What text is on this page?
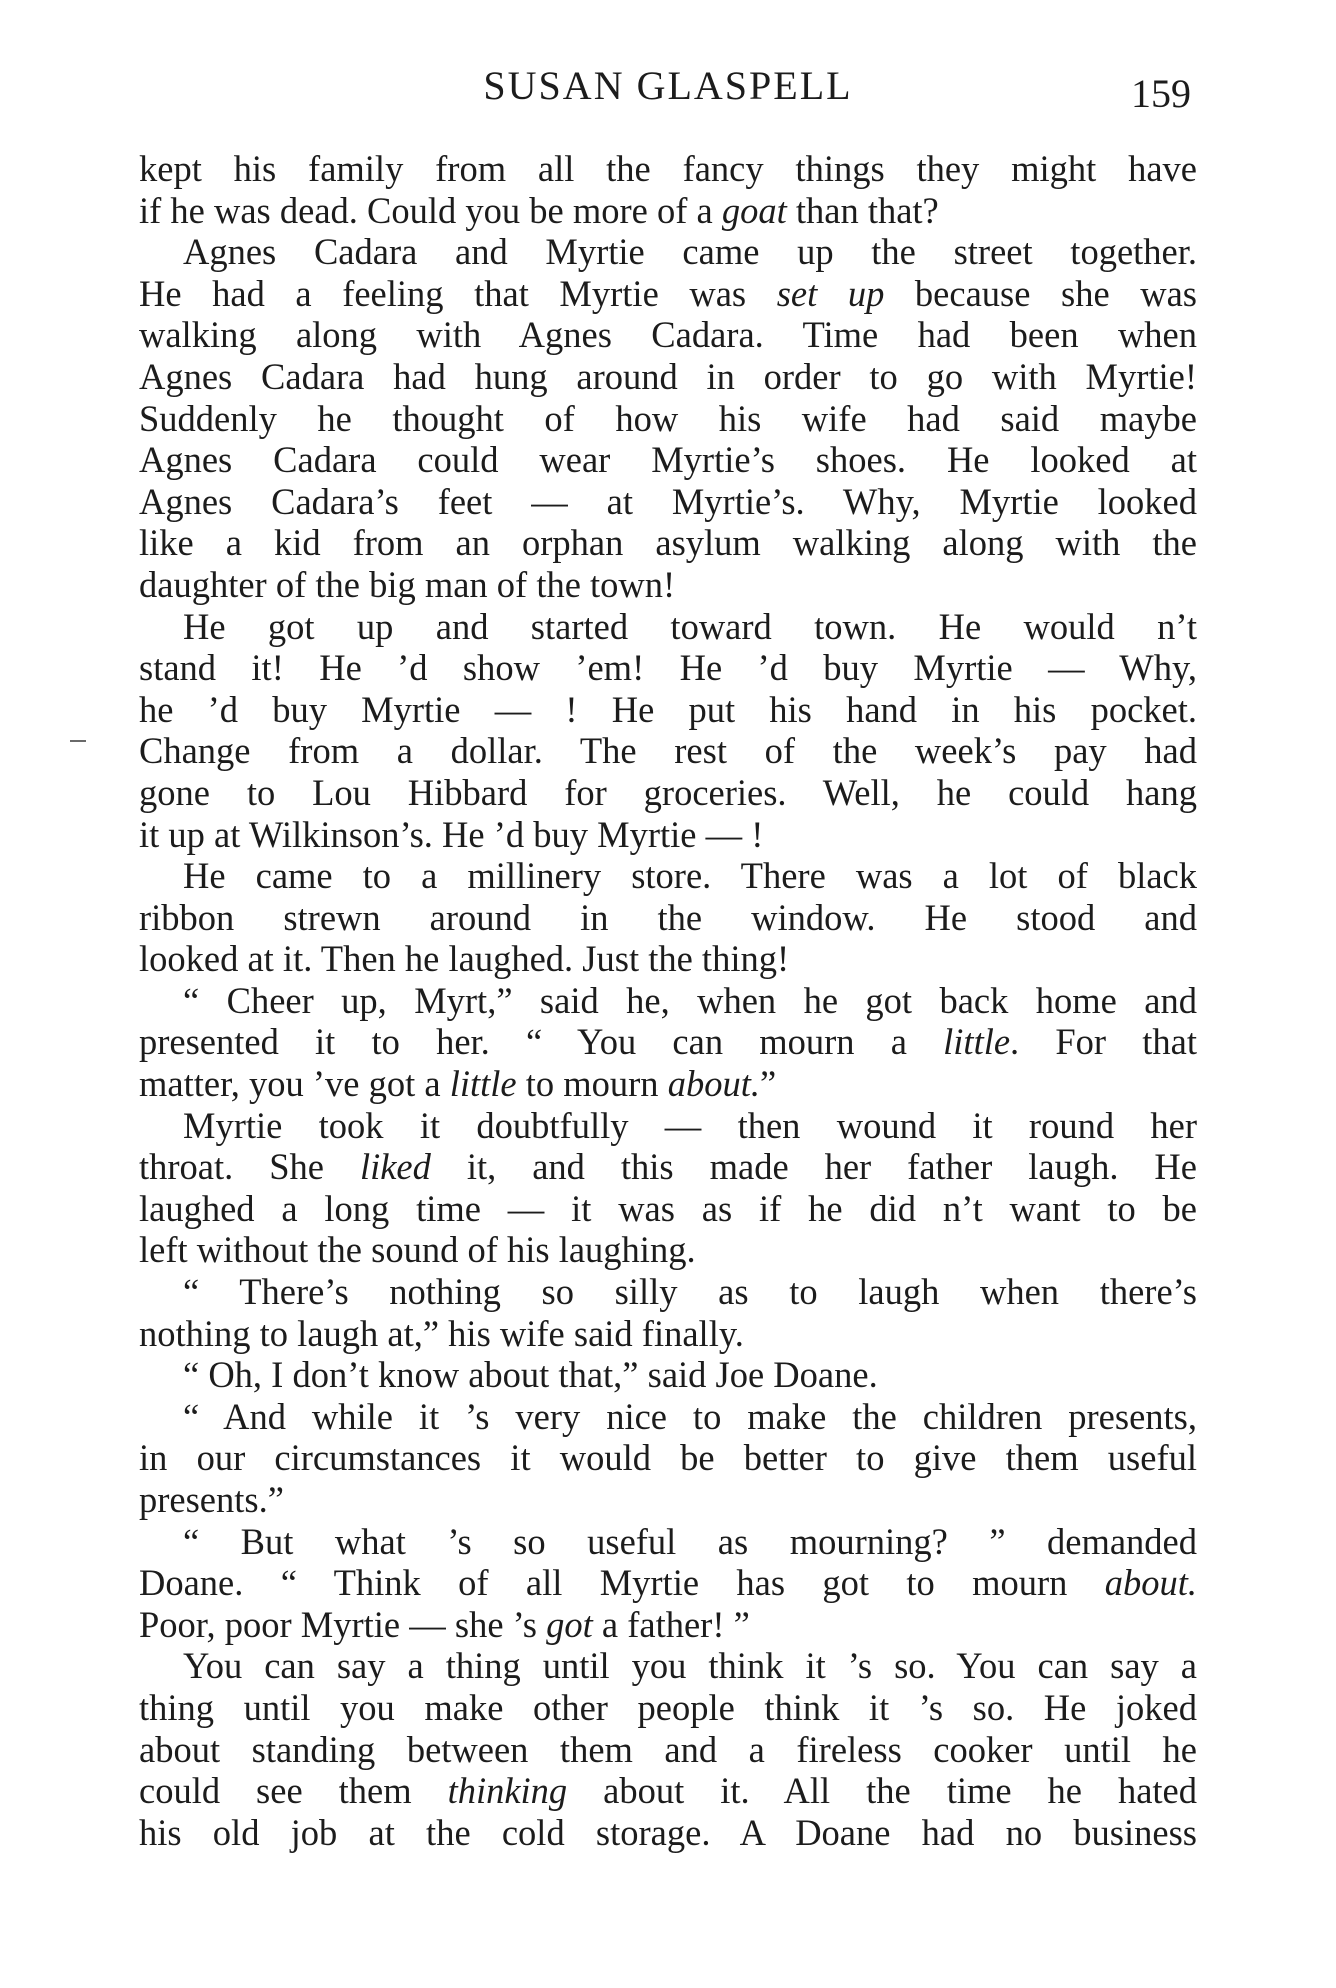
SUSAN GLASPELL	159
kept his family from all the fancy things they might have
if he was dead. Could you be more of a goat than that?
Agnes Cadara and Myrtie came up the street together.
He had a feeling that Myrtie was set up because she was
walking along with Agnes Cadara. Time had been when
Agnes Cadara had hung around in order to go with Myrtie!
Suddenly he thought of how his wife had said maybe
Agnes Cadara could wear Myrtie’s shoes. He looked at
Agnes Cadara’s feet — at Myrtie’s. Why, Myrtie looked
like a kid from an orphan asylum walking along with the
daughter of the big man of the town!
He got up and started toward town. He would n’t
stand it! He ’d show ’em! He ’d buy Myrtie — Why,
he ’d buy Myrtie — ! He put his hand in his pocket.
Change from a dollar. The rest of the week’s pay had
gone to Lou Hibbard for groceries. Well, he could hang
it up at Wilkinson’s. He ’d buy Myrtie — !
He came to a millinery store. There was a lot of black
ribbon strewn around in the window. He stood and
looked at it. Then he laughed. Just the thing!
“ Cheer up, Myrt,” said he, when he got back home and
presented it to her. “ You can mourn a little. For that
matter, you ’ve got a little to mourn about.”
Myrtie took it doubtfully — then wound it round her
throat. She liked it, and this made her father laugh. He
laughed a long time — it was as if he did n’t want to be
left without the sound of his laughing.
“ There’s nothing so silly as to laugh when there’s
nothing to laugh at,” his wife said finally.
“ Oh, I don’t know about that,” said Joe Doane.
“ And while it ’s very nice to make the children presents,
in our circumstances it would be better to give them useful
presents.”
“ But what ’s so useful as mourning? ” demanded
Doane. “ Think of all Myrtie has got to mourn about.
Poor, poor Myrtie — she ’s got a father! ”
You can say a thing until you think it ’s so. You can say a
thing until you make other people think it ’s so. He joked
about standing between them and a fireless cooker until he
could see them thinking about it. All the time he hated
his old job at the cold storage. A Doane had no business
